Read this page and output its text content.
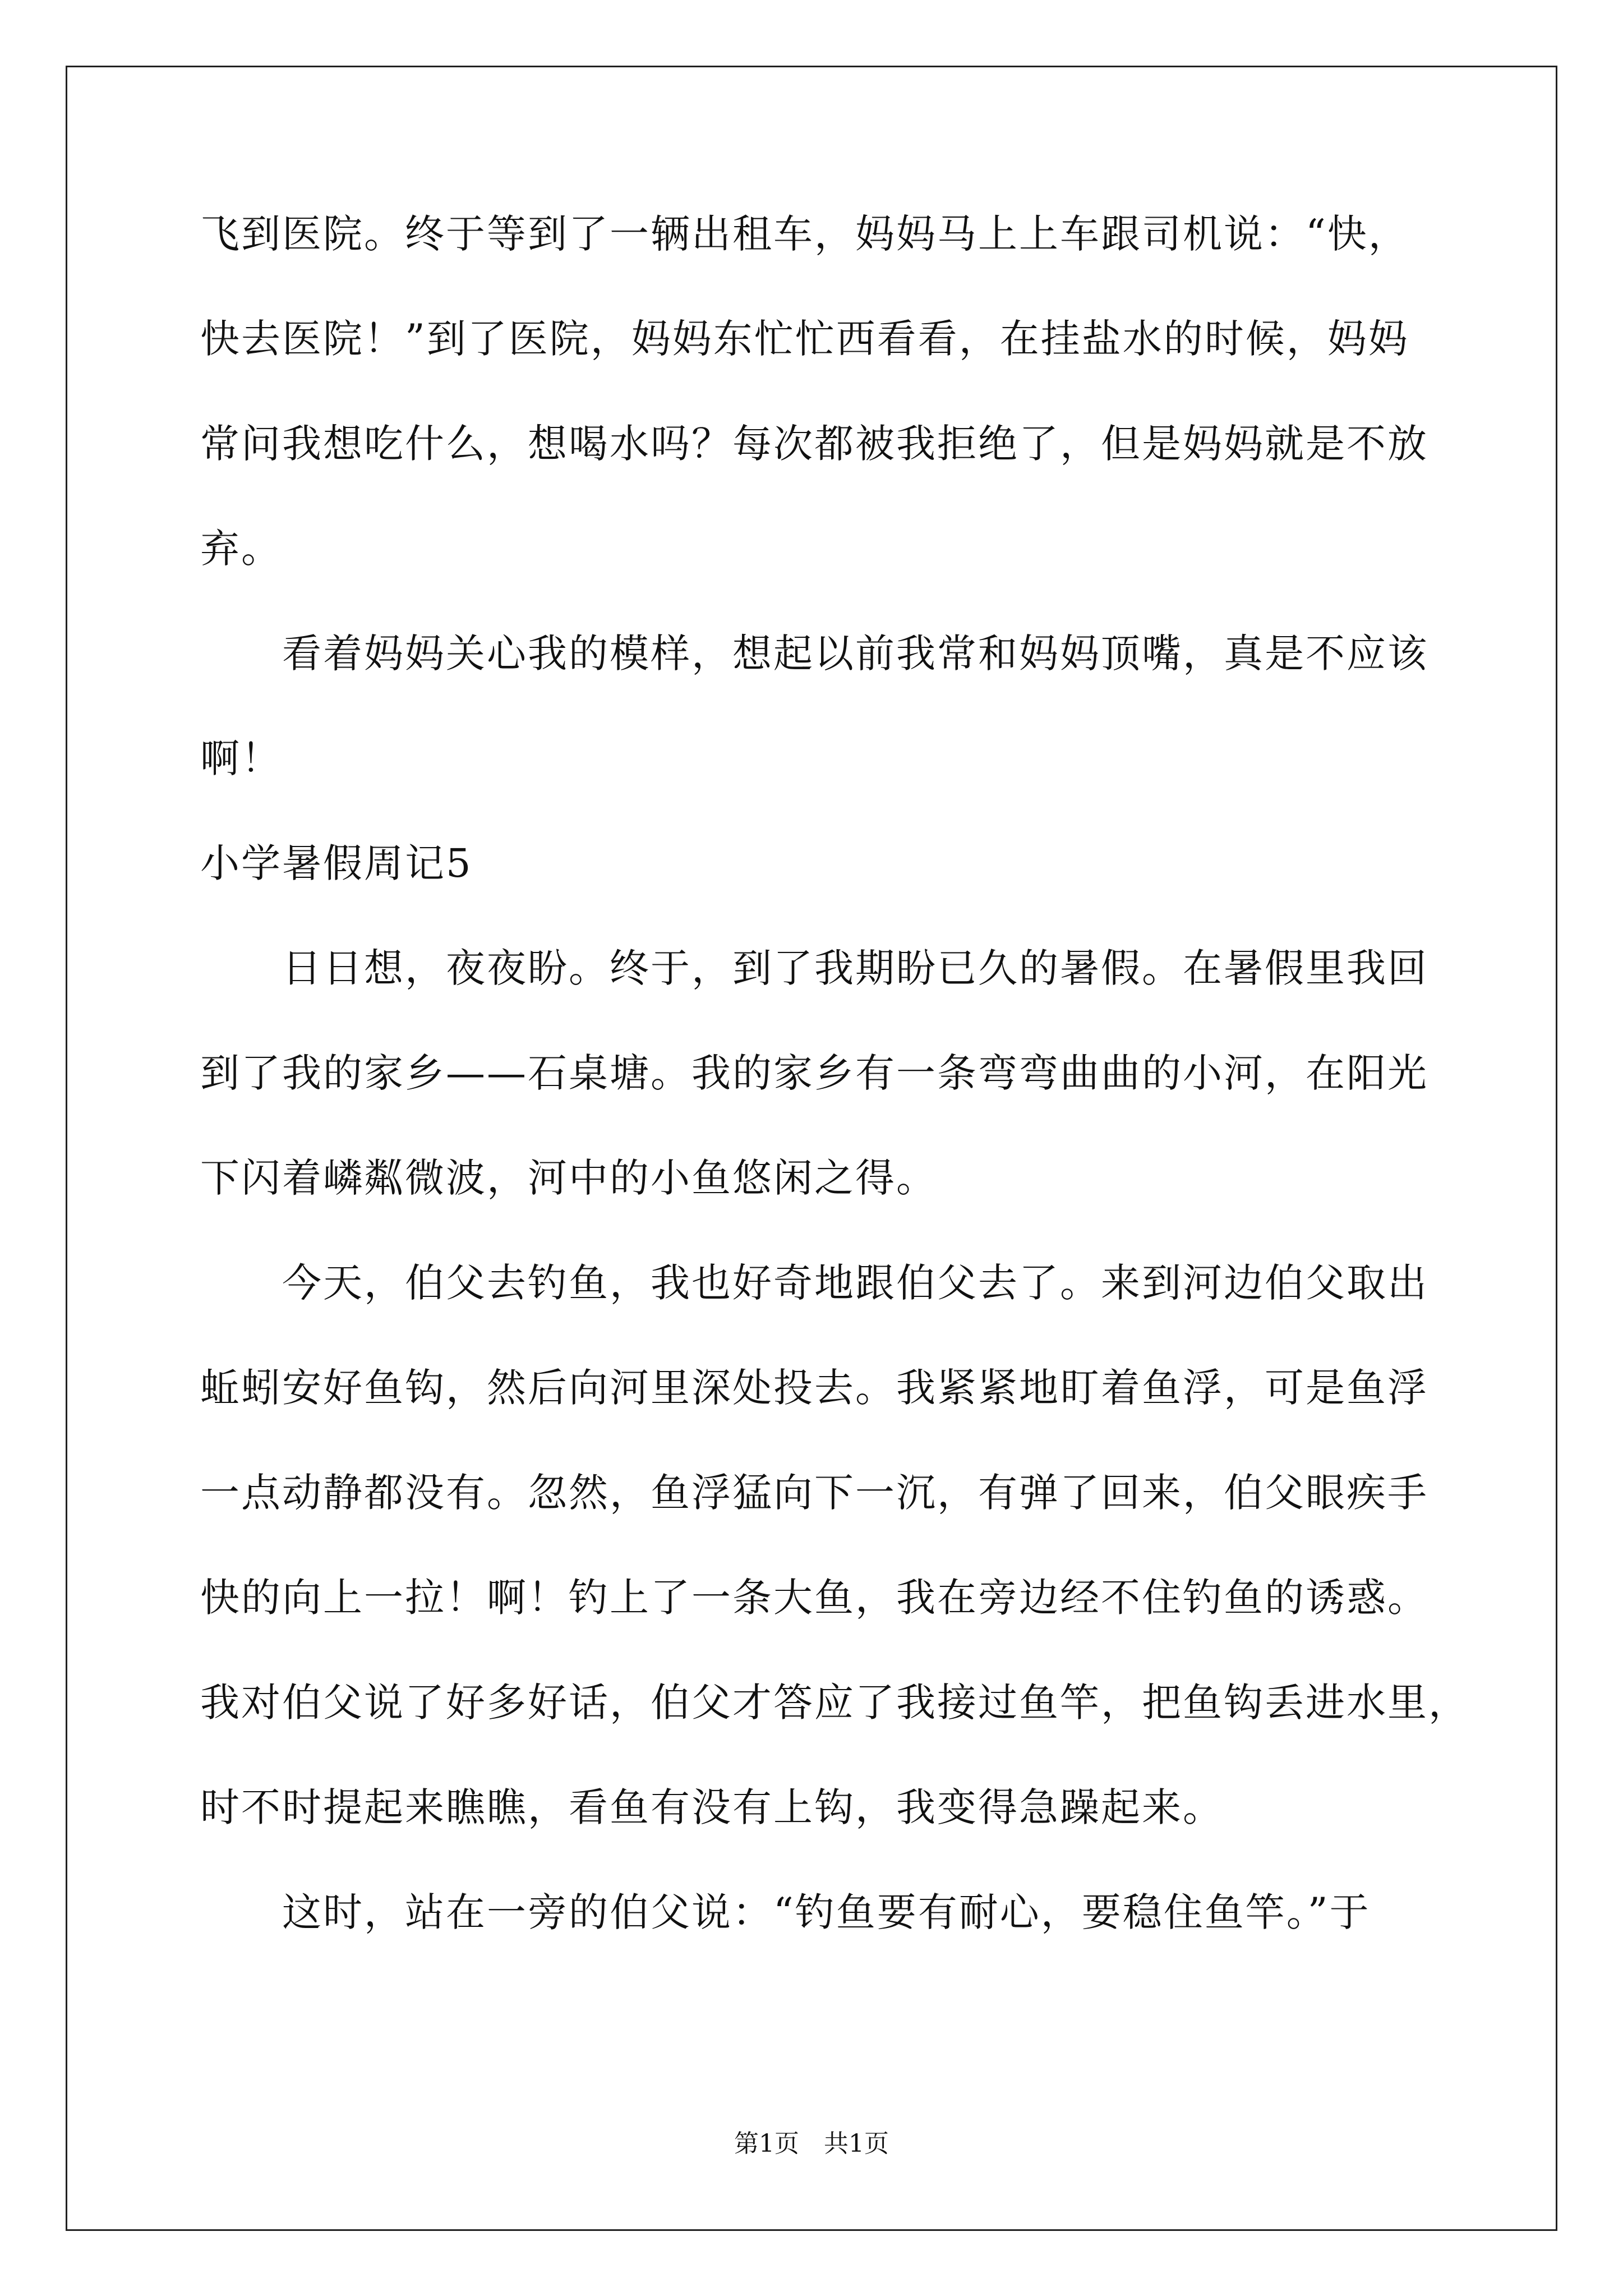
飞到医院。终于等到了一辆出租车，妈妈马上上车跟司机说：“快，
快去医院！”到了医院，妈妈东忙忙西看看，在挂盐水的时候，妈妈
常问我想吃什么，想喝水吗？每次都被我拒绝了，但是妈妈就是不放
弃。
　　看着妈妈关心我的模样，想起以前我常和妈妈顶嘴，真是不应该
啊！
小学暑假周记5
　　日日想，夜夜盼。终于，到了我期盼已久的暑假。在暑假里我回
到了我的家乡——石桌塘。我的家乡有一条弯弯曲曲的小河，在阳光
下闪着嶙粼微波，河中的小鱼悠闲之得。
　　今天，伯父去钓鱼，我也好奇地跟伯父去了。来到河边伯父取出
蚯蚓安好鱼钩，然后向河里深处投去。我紧紧地盯着鱼浮，可是鱼浮
一点动静都没有。忽然，鱼浮猛向下一沉，有弹了回来，伯父眼疾手
快的向上一拉！啊！钓上了一条大鱼，我在旁边经不住钓鱼的诱惑。
我对伯父说了好多好话，伯父才答应了我接过鱼竿，把鱼钩丢进水里，
时不时提起来瞧瞧，看鱼有没有上钩，我变得急躁起来。
　　这时，站在一旁的伯父说：“钓鱼要有耐心，要稳住鱼竿。”于
第1页　共1页
